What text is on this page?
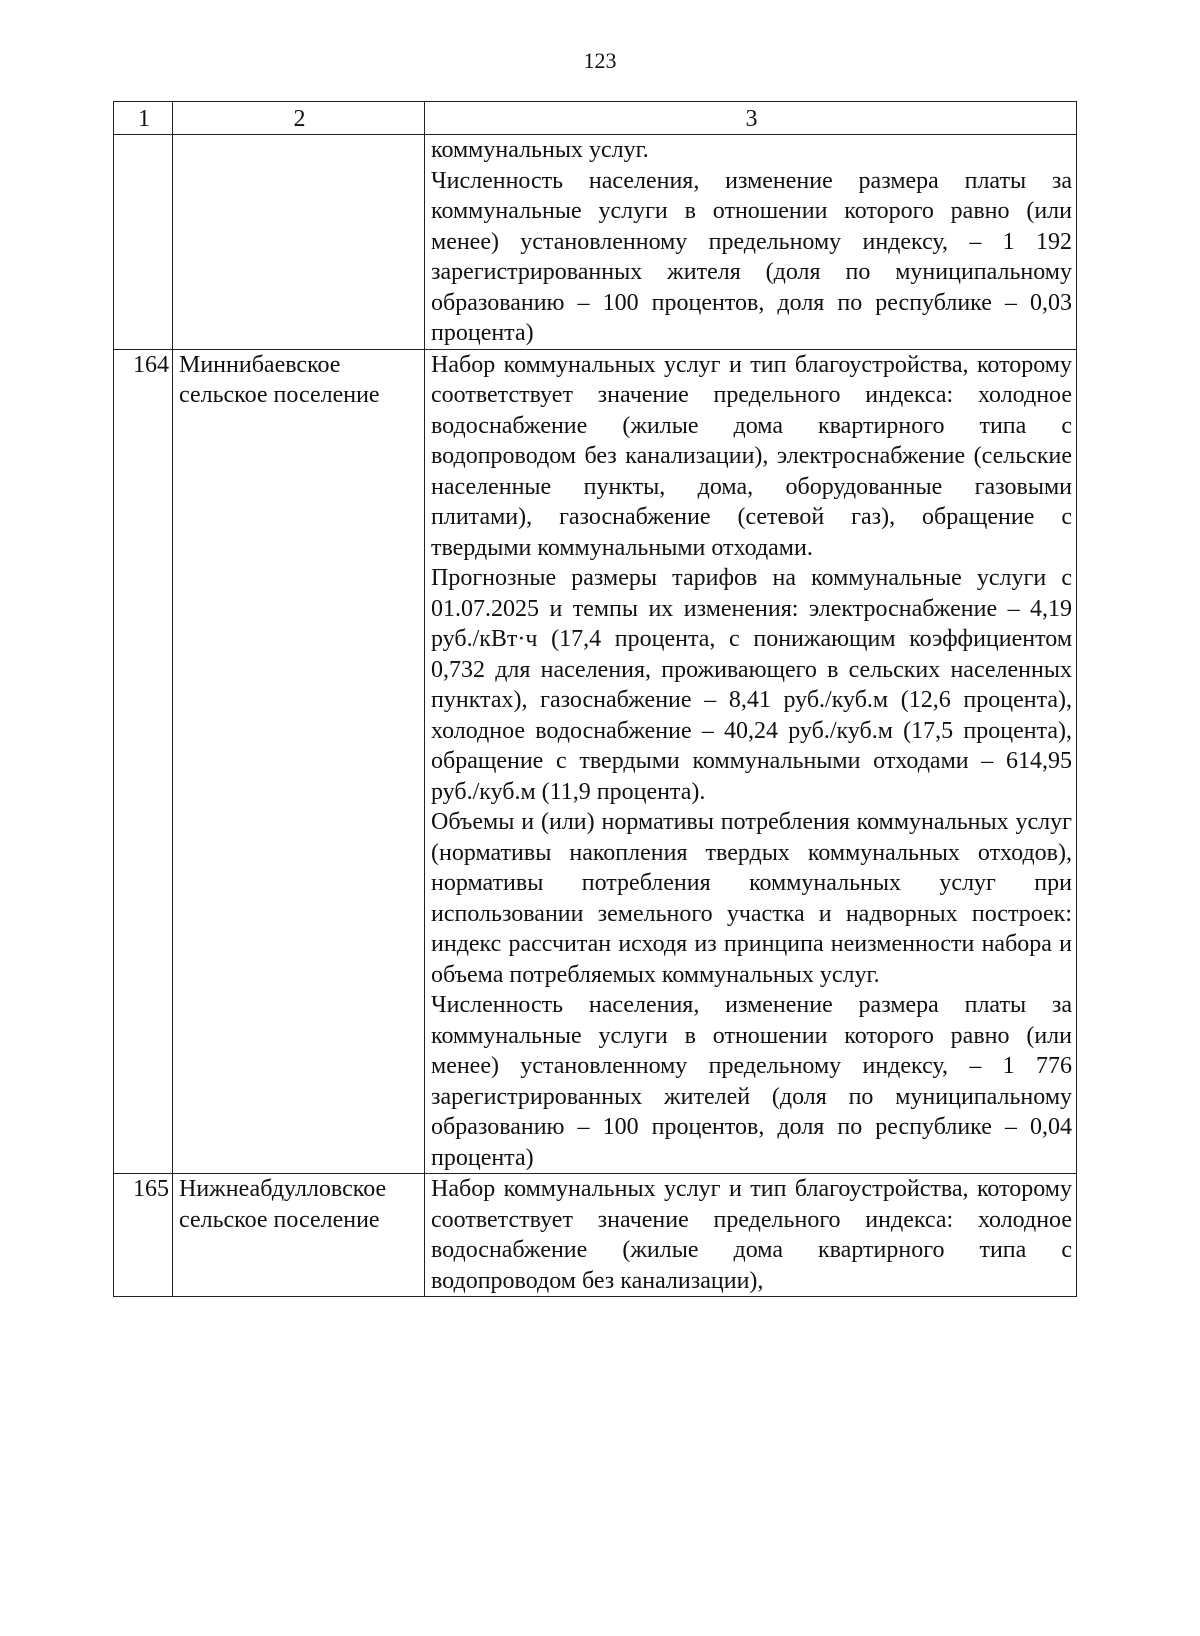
123
1	2	3

		коммунальных услуг.

Численность населения, изменение размера платы за коммунальные услуги в отношении которого равно (или менее) установленному предельному индексу, – 1 192 зарегистрированных жителя (доля по муниципальному образованию – 100 процентов, доля по республике – 0,03 процента)

164	Миннибаевское сельское поселение	Набор коммунальных услуг и тип благоустройства, которому соответствует значение предельного индекса: холодное водоснабжение (жилые дома квартирного типа с водопроводом без канализации), электроснабжение (сельские населенные пункты, дома, оборудованные газовыми плитами), газоснабжение (сетевой газ), обращение с твердыми коммунальными отходами.

Прогнозные размеры тарифов на коммунальные услуги с 01.07.2025 и темпы их изменения: электроснабжение – 4,19 руб./кВт·ч (17,4 процента, с понижающим коэффициентом 0,732 для населения, проживающего в сельских населенных пунктах), газоснабжение – 8,41 руб./куб.м (12,6 процента), холодное водоснабжение – 40,24 руб./куб.м (17,5 процента), обращение с твердыми коммунальными отходами – 614,95 руб./куб.м (11,9 процента).

Объемы и (или) нормативы потребления коммунальных услуг (нормативы накопления твердых коммунальных отходов), нормативы потребления коммунальных услуг при использовании земельного участка и надворных построек: индекс рассчитан исходя из принципа неизменности набора и объема потребляемых коммунальных услуг.

Численность населения, изменение размера платы за коммунальные услуги в отношении которого равно (или менее) установленному предельному индексу, – 1 776 зарегистрированных жителей (доля по муниципальному образованию – 100 процентов, доля по республике – 0,04 процента)

165	Нижнеабдулловское сельское поселение	Набор коммунальных услуг и тип благоустройства, которому соответствует значение предельного индекса: холодное водоснабжение (жилые дома квартирного типа с водопроводом без канализации),
